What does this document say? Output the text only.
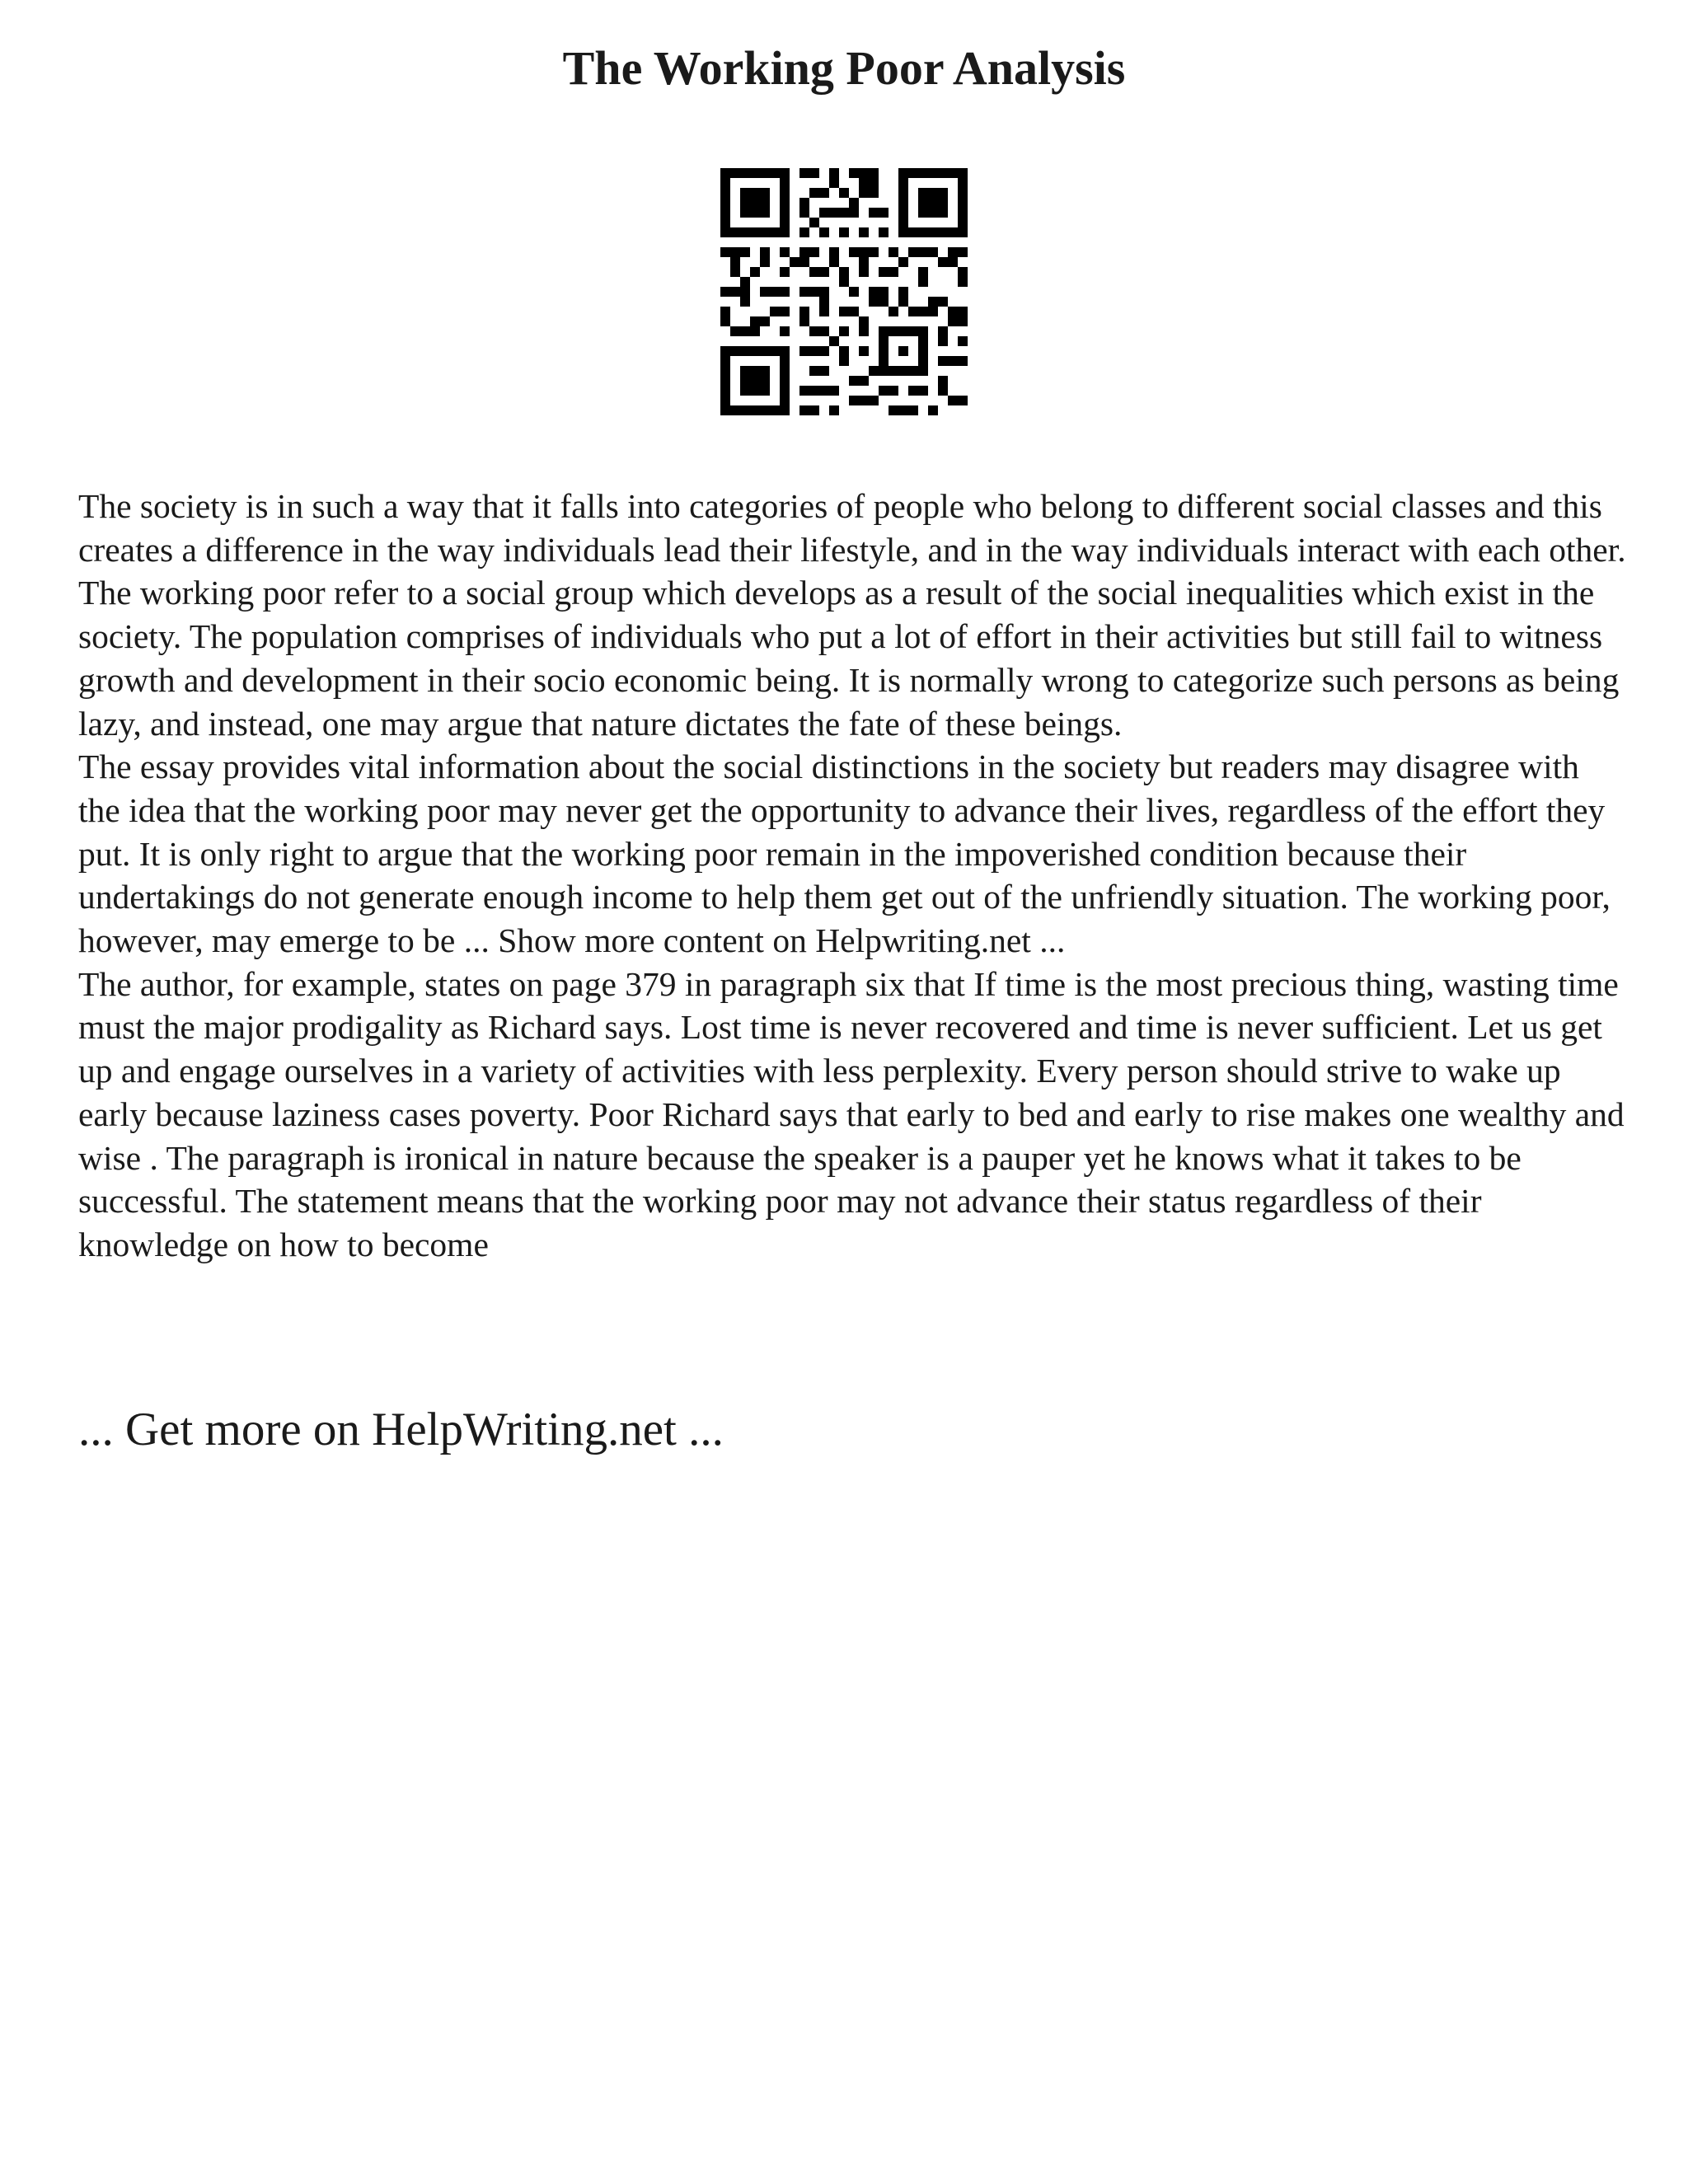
The Working Poor Analysis

The society is in such a way that it falls into categories of people who belong to different social classes and this creates a difference in the way individuals lead their lifestyle, and in the way individuals interact with each other. The working poor refer to a social group which develops as a result of the social inequalities which exist in the society. The population comprises of individuals who put a lot of effort in their activities but still fail to witness growth and development in their socio economic being. It is normally wrong to categorize such persons as being lazy, and instead, one may argue that nature dictates the fate of these beings.

The essay provides vital information about the social distinctions in the society but readers may disagree with the idea that the working poor may never get the opportunity to advance their lives, regardless of the effort they put. It is only right to argue that the working poor remain in the impoverished condition because their undertakings do not generate enough income to help them get out of the unfriendly situation. The working poor, however, may emerge to be ... Show more content on Helpwriting.net ...

The author, for example, states on page 379 in paragraph six that If time is the most precious thing, wasting time must the major prodigality as Richard says. Lost time is never recovered and time is never sufficient. Let us get up and engage ourselves in a variety of activities with less perplexity. Every person should strive to wake up early because laziness cases poverty. Poor Richard says that early to bed and early to rise makes one wealthy and wise . The paragraph is ironical in nature because the speaker is a pauper yet he knows what it takes to be successful. The statement means that the working poor may not advance their status regardless of their knowledge on how to become

... Get more on HelpWriting.net ...
